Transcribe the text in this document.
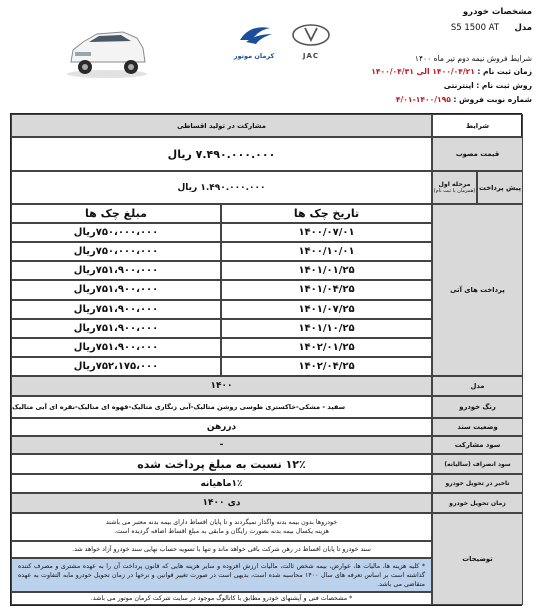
کرمان موتور	JAC
مشخصات خودرو
مدل  S5 1500 AT
شرایط فروش نیمه دوم تیر ماه ۱۴۰۰
زمان ثبت نام : ۱۴۰۰/۰۴/۲۱ الی ۱۴۰۰/۰۴/۳۱
روش ثبت نام : اینترنتی
شماره نوبت فروش : ۱۴۰۰/۱۹۵-۴/۰۱
شرایط
مشارکت در تولید اقساطی
قیمت مصوب
۷.۴۹۰.۰۰۰.۰۰۰ ریال
پیش پرداخت
مرحله اول
(همزمان با ثبت نام)
۱.۴۹۰.۰۰۰.۰۰۰ ریال
پرداخت های آتی
تاریخ چک ها
مبلغ چک ها
۱۴۰۰/۰۷/۰۱
۷۵۰،۰۰۰،۰۰۰ریال
۱۴۰۰/۱۰/۰۱
۷۵۰،۰۰۰،۰۰۰ریال
۱۴۰۱/۰۱/۲۵
۷۵۱،۹۰۰،۰۰۰ریال
۱۴۰۱/۰۴/۲۵
۷۵۱،۹۰۰،۰۰۰ریال
۱۴۰۱/۰۷/۲۵
۷۵۱،۹۰۰،۰۰۰ریال
۱۴۰۱/۱۰/۲۵
۷۵۱،۹۰۰،۰۰۰ریال
۱۴۰۲/۰۱/۲۵
۷۵۱،۹۰۰،۰۰۰ریال
۱۴۰۲/۰۴/۲۵
۷۵۲،۱۷۵،۰۰۰ریال
مدل
۱۴۰۰
رنگ خودرو
سفید - مشکی-خاکستری طوسی روشن متالیک-آبی زنگاری متالیک-قهوه ای متالیک-نقره ای آبی متالیک
وضعیت سند
دررهن
سود مشارکت
-
سود انصراف (سالیانه)
۱۲٪ نسبت به مبلغ پرداخت شده
تاخیر در تحویل خودرو
۱٪ماهیانه
زمان تحویل خودرو
دی ۱۴۰۰
توضیحات
خودروها بدون بیمه بدنه واگذار نمیگردند و تا پایان اقساط دارای بیمه بدنه معتبر می باشند
هزینه یکسال بیمه بدنه بصورت رایگان و مابقی به مبلغ اقساط اضافه گردیده است.
سند خودرو تا پایان اقساط در رهن شرکت باقی خواهد ماند و تنها با تسویه حساب نهایی سند خودرو آزاد خواهد شد.
* کلیه هزینه ها، مالیات ها، عوارض، بیمه شخص ثالث، مالیات ارزش افزوده و سایر هزینه هایی که قانون پرداخت آن را به عهده مشتری و مصرف کننده گذاشته است بر اساس تعرفه های سال ۱۴۰۰ محاسبه شده است، بدیهی است در صورت تغییر قوانین و نرخها در زمان تحویل خودرو مابه التفاوت به عهده متقاضی می باشد.
* مشخصات فنی و آپشنهای خودرو مطابق با کاتالوگ موجود در سایت شرکت کرمان موتور می باشد.
